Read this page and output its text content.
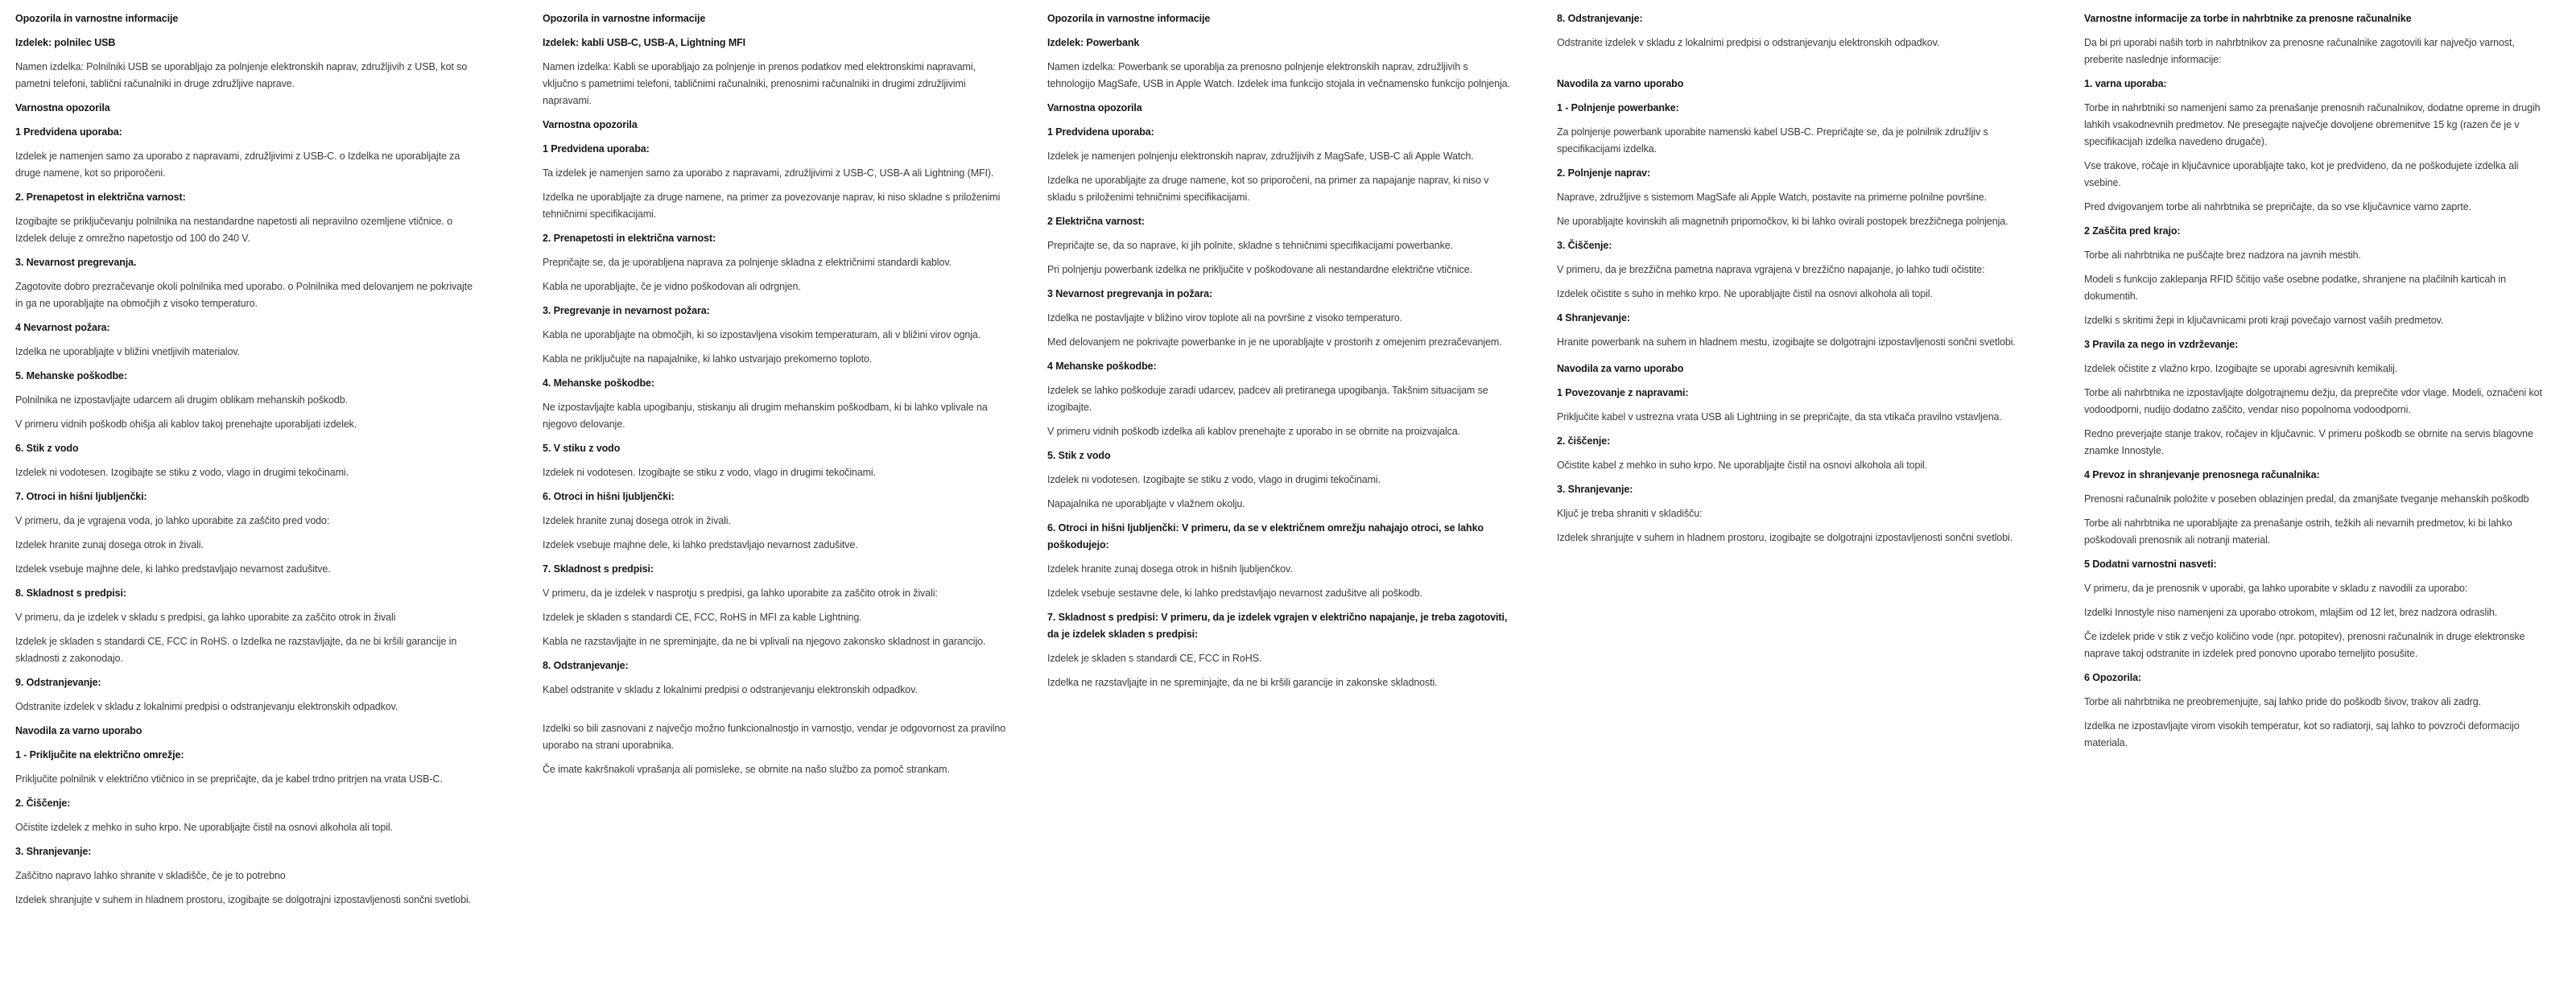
Opozorila in varnostne informacije

Izdelek: polnilec USB

Namen izdelka: Polnilniki USB se uporabljajo za polnjenje elektronskih naprav, združljivih z USB, kot so pametni telefoni, tablični računalniki in druge združljive naprave.

Varnostna opozorila

1 Predvidena uporaba:

Izdelek je namenjen samo za uporabo z napravami, združljivimi z USB-C. o Izdelka ne uporabljajte za druge namene, kot so priporočeni.

2. Prenapetost in električna varnost:

Izogibajte se priključevanju polnilnika na nestandardne napetosti ali nepravilno ozemljene vtičnice. o Izdelek deluje z omrežno napetostjo od 100 do 240 V.

3. Nevarnost pregrevanja.

Zagotovite dobro prezračevanje okoli polnilnika med uporabo. o Polnilnika med delovanjem ne pokrivajte in ga ne uporabljajte na območjih z visoko temperaturo.

4 Nevarnost požara:

Izdelka ne uporabljajte v bližini vnetljivih materialov.

5. Mehanske poškodbe:

Polnilnika ne izpostavljajte udarcem ali drugim oblikam mehanskih poškodb.

V primeru vidnih poškodb ohišja ali kablov takoj prenehajte uporabljati izdelek.

6. Stik z vodo

Izdelek ni vodotesen. Izogibajte se stiku z vodo, vlago in drugimi tekočinami.

7. Otroci in hišni ljubljenčki:

V primeru, da je vgrajena voda, jo lahko uporabite za zaščito pred vodo:

Izdelek hranite zunaj dosega otrok in živali.

Izdelek vsebuje majhne dele, ki lahko predstavljajo nevarnost zadušitve.

8. Skladnost s predpisi:

V primeru, da je izdelek v skladu s predpisi, ga lahko uporabite za zaščito otrok in živali

Izdelek je skladen s standardi CE, FCC in RoHS. o Izdelka ne razstavljajte, da ne bi kršili garancije in skladnosti z zakonodajo.

9. Odstranjevanje:

Odstranite izdelek v skladu z lokalnimi predpisi o odstranjevanju elektronskih odpadkov.

Navodila za varno uporabo

1 - Priključite na električno omrežje:

Priključite polnilnik v električno vtičnico in se prepričajte, da je kabel trdno pritrjen na vrata USB-C.

2. Čiščenje:

Očistite izdelek z mehko in suho krpo. Ne uporabljajte čistil na osnovi alkohola ali topil.

3. Shranjevanje:

Zaščitno napravo lahko shranite v skladišče, če je to potrebno

Izdelek shranjujte v suhem in hladnem prostoru, izogibajte se dolgotrajni izpostavljenosti sončni svetlobi.

Opozorila in varnostne informacije

Izdelek: kabli USB-C, USB-A, Lightning MFI

Namen izdelka: Kabli se uporabljajo za polnjenje in prenos podatkov med elektronskimi napravami, vključno s pametnimi telefoni, tabličnimi računalniki, prenosnimi računalniki in drugimi združljivimi napravami.

Varnostna opozorila

1 Predvidena uporaba:

Ta izdelek je namenjen samo za uporabo z napravami, združljivimi z USB-C, USB-A ali Lightning (MFI).

Izdelka ne uporabljajte za druge namene, na primer za povezovanje naprav, ki niso skladne s priloženimi tehničnimi specifikacijami.

2. Prenapetosti in električna varnost:

Prepričajte se, da je uporabljena naprava za polnjenje skladna z električnimi standardi kablov.

Kabla ne uporabljajte, če je vidno poškodovan ali odrgnjen.

3. Pregrevanje in nevarnost požara:

Kabla ne uporabljajte na območjih, ki so izpostavljena visokim temperaturam, ali v bližini virov ognja.

Kabla ne priključujte na napajalnike, ki lahko ustvarjajo prekomerno toploto.

4. Mehanske poškodbe:

Ne izpostavljajte kabla upogibanju, stiskanju ali drugim mehanskim poškodbam, ki bi lahko vplivale na njegovo delovanje.

5. V stiku z vodo

Izdelek ni vodotesen. Izogibajte se stiku z vodo, vlago in drugimi tekočinami.

6. Otroci in hišni ljubljenčki:

Izdelek hranite zunaj dosega otrok in živali.

Izdelek vsebuje majhne dele, ki lahko predstavljajo nevarnost zadušitve.

7. Skladnost s predpisi:

V primeru, da je izdelek v nasprotju s predpisi, ga lahko uporabite za zaščito otrok in živali:

Izdelek je skladen s standardi CE, FCC, RoHS in MFI za kable Lightning.

Kabla ne razstavljajte in ne spreminjajte, da ne bi vplivali na njegovo zakonsko skladnost in garancijo.

8. Odstranjevanje:

Kabel odstranite v skladu z lokalnimi predpisi o odstranjevanju elektronskih odpadkov.

Izdelki so bili zasnovani z največjo možno funkcionalnostjo in varnostjo, vendar je odgovornost za pravilno uporabo na strani uporabnika.

Če imate kakršnakoli vprašanja ali pomisleke, se obrnite na našo službo za pomoč strankam.

Opozorila in varnostne informacije

Izdelek: Powerbank

Namen izdelka: Powerbank se uporablja za prenosno polnjenje elektronskih naprav, združljivih s tehnologijo MagSafe, USB in Apple Watch. Izdelek ima funkcijo stojala in večnamensko funkcijo polnjenja.

Varnostna opozorila

1 Predvidena uporaba:

Izdelek je namenjen polnjenju elektronskih naprav, združljivih z MagSafe, USB-C ali Apple Watch.

Izdelka ne uporabljajte za druge namene, kot so priporočeni, na primer za napajanje naprav, ki niso v skladu s priloženimi tehničnimi specifikacijami.

2 Električna varnost:

Prepričajte se, da so naprave, ki jih polnite, skladne s tehničnimi specifikacijami powerbanke.

Pri polnjenju powerbank izdelka ne priključite v poškodovane ali nestandardne električne vtičnice.

3 Nevarnost pregrevanja in požara:

Izdelka ne postavljajte v bližino virov toplote ali na površine z visoko temperaturo.

Med delovanjem ne pokrivajte powerbanke in je ne uporabljajte v prostorih z omejenim prezračevanjem.

4 Mehanske poškodbe:

Izdelek se lahko poškoduje zaradi udarcev, padcev ali pretiranega upogibanja. Takšnim situacijam se izogibajte.

V primeru vidnih poškodb izdelka ali kablov prenehajte z uporabo in se obrnite na proizvajalca.

5. Stik z vodo

Izdelek ni vodotesen. Izogibajte se stiku z vodo, vlago in drugimi tekočinami.

Napajalnika ne uporabljajte v vlažnem okolju.

6. Otroci in hišni ljubljenčki: V primeru, da se v električnem omrežju nahajajo otroci, se lahko poškodujejo:

Izdelek hranite zunaj dosega otrok in hišnih ljubljenčkov.

Izdelek vsebuje sestavne dele, ki lahko predstavljajo nevarnost zadušitve ali poškodb.

7. Skladnost s predpisi: V primeru, da je izdelek vgrajen v električno napajanje, je treba zagotoviti, da je izdelek skladen s predpisi:

Izdelek je skladen s standardi CE, FCC in RoHS.

Izdelka ne razstavljajte in ne spreminjajte, da ne bi kršili garancije in zakonske skladnosti.

8. Odstranjevanje:

Odstranite izdelek v skladu z lokalnimi predpisi o odstranjevanju elektronskih odpadkov.

Navodila za varno uporabo

1 - Polnjenje powerbanke:

Za polnjenje powerbank uporabite namenski kabel USB-C. Prepričajte se, da je polnilnik združljiv s specifikacijami izdelka.

2. Polnjenje naprav:

Naprave, združljive s sistemom MagSafe ali Apple Watch, postavite na primerne polnilne površine.

Ne uporabljajte kovinskih ali magnetnih pripomočkov, ki bi lahko ovirali postopek brezžičnega polnjenja.

3. Čiščenje:

V primeru, da je brezžična pametna naprava vgrajena v brezžično napajanje, jo lahko tudi očistite:

Izdelek očistite s suho in mehko krpo. Ne uporabljajte čistil na osnovi alkohola ali topil.

4 Shranjevanje:

Hranite powerbank na suhem in hladnem mestu, izogibajte se dolgotrajni izpostavljenosti sončni svetlobi.

Navodila za varno uporabo

1 Povezovanje z napravami:

Priključite kabel v ustrezna vrata USB ali Lightning in se prepričajte, da sta vtikača pravilno vstavljena.

2. čiščenje:

Očistite kabel z mehko in suho krpo. Ne uporabljajte čistil na osnovi alkohola ali topil.

3. Shranjevanje:

Ključ je treba shraniti v skladišču:

Izdelek shranjujte v suhem in hladnem prostoru, izogibajte se dolgotrajni izpostavljenosti sončni svetlobi.

Varnostne informacije za torbe in nahrbtnike za prenosne računalnike

Da bi pri uporabi naših torb in nahrbtnikov za prenosne računalnike zagotovili kar največjo varnost, preberite naslednje informacije:

1. varna uporaba:

Torbe in nahrbtniki so namenjeni samo za prenašanje prenosnih računalnikov, dodatne opreme in drugih lahkih vsakodnevnih predmetov. Ne presegajte največje dovoljene obremenitve 15 kg (razen če je v specifikacijah izdelka navedeno drugače).

Vse trakove, ročaje in ključavnice uporabljajte tako, kot je predvideno, da ne poškodujete izdelka ali vsebine.

Pred dvigovanjem torbe ali nahrbtnika se prepričajte, da so vse ključavnice varno zaprte.

2 Zaščita pred krajo:

Torbe ali nahrbtnika ne puščajte brez nadzora na javnih mestih.

Modeli s funkcijo zaklepanja RFID ščitijo vaše osebne podatke, shranjene na plačilnih karticah in dokumentih.

Izdelki s skritimi žepi in ključavnicami proti kraji povečajo varnost vaših predmetov.

3 Pravila za nego in vzdrževanje:

Izdelek očistite z vlažno krpo. Izogibajte se uporabi agresivnih kemikalij.

Torbe ali nahrbtnika ne izpostavljajte dolgotrajnemu dežju, da preprečite vdor vlage. Modeli, označeni kot vodoodporni, nudijo dodatno zaščito, vendar niso popolnoma vodoodporni.

Redno preverjajte stanje trakov, ročajev in ključavnic. V primeru poškodb se obrnite na servis blagovne znamke Innostyle.

4 Prevoz in shranjevanje prenosnega računalnika:

Prenosni računalnik položite v poseben oblazinjen predal, da zmanjšate tveganje mehanskih poškodb

Torbe ali nahrbtnika ne uporabljajte za prenašanje ostrih, težkih ali nevarnih predmetov, ki bi lahko poškodovali prenosnik ali notranji material.

5 Dodatni varnostni nasveti:

V primeru, da je prenosnik v uporabi, ga lahko uporabite v skladu z navodili za uporabo:

Izdelki Innostyle niso namenjeni za uporabo otrokom, mlajšim od 12 let, brez nadzora odraslih.

Če izdelek pride v stik z večjo količino vode (npr. potopitev), prenosni računalnik in druge elektronske naprave takoj odstranite in izdelek pred ponovno uporabo temeljito posušite.

6 Opozorila:

Torbe ali nahrbtnika ne preobremenjujte, saj lahko pride do poškodb šivov, trakov ali zadrg.

Izdelka ne izpostavljajte virom visokih temperatur, kot so radiatorji, saj lahko to povzroči deformacijo materiala.
